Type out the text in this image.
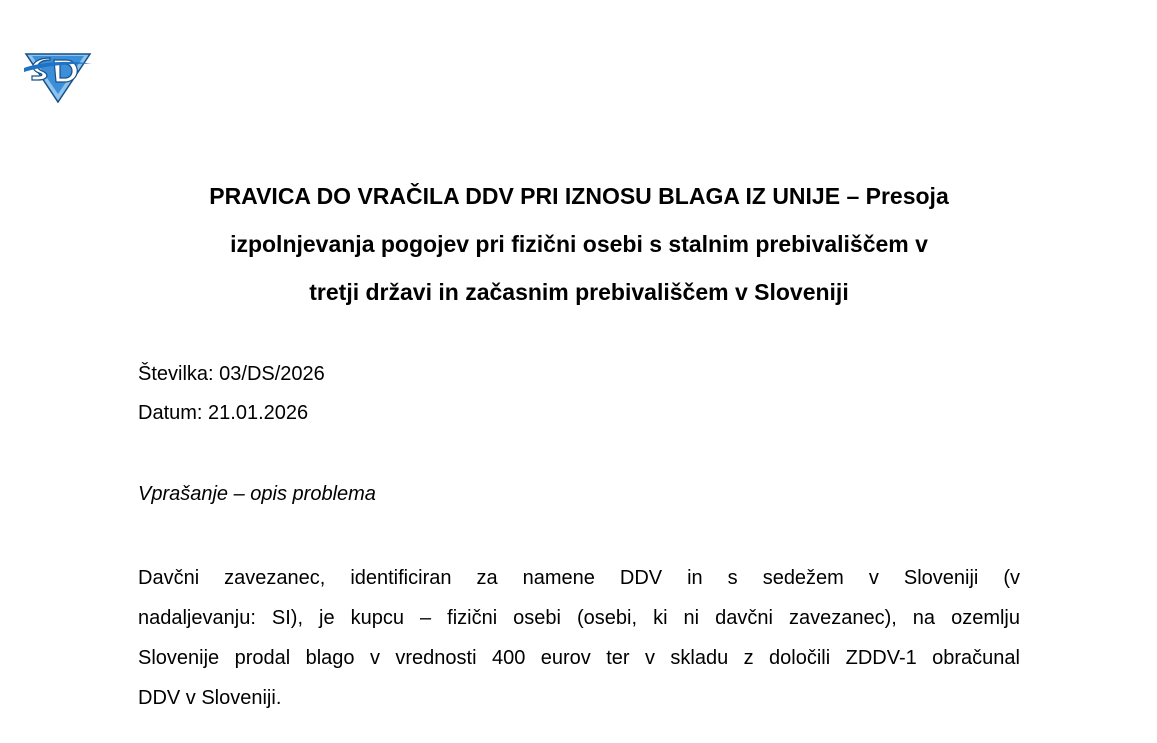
PRAVICA DO VRAČILA DDV PRI IZNOSU BLAGA IZ UNIJE – Presoja
izpolnjevanja pogojev pri fizični osebi s stalnim prebivališčem v
tretji državi in začasnim prebivališčem v Sloveniji
Številka: 03/DS/2026
Datum: 21.01.2026
Vprašanje – opis problema
Davčni zavezanec, identificiran za namene DDV in s sedežem v Sloveniji (v
nadaljevanju: SI), je kupcu – fizični osebi (osebi, ki ni davčni zavezanec), na ozemlju
Slovenije prodal blago v vrednosti 400 eurov ter v skladu z določili ZDDV-1 obračunal
DDV v Sloveniji.
